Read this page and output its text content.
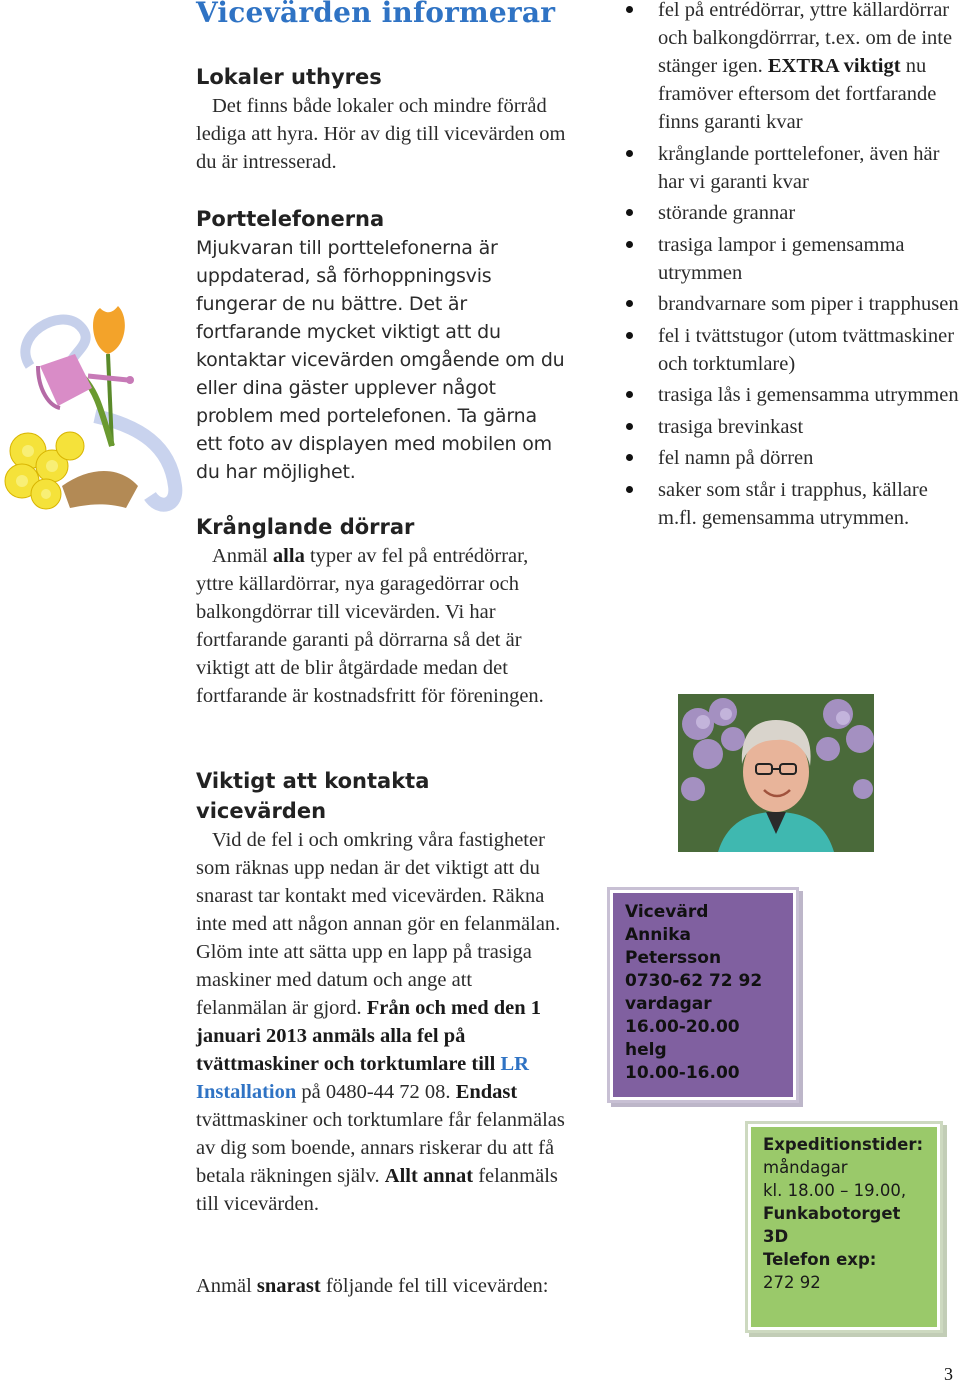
Vicevärden informerar
Lokaler uthyres

Det finns både lokaler och mindre förråd lediga att hyra. Hör av dig till vicevärden om du är intresserad.

Porttelefonerna

Mjukvaran till porttelefonerna är uppdaterad, så förhoppningsvis fungerar de nu bättre. Det är fortfarande mycket viktigt att du kontaktar vicevärden omgående om du eller dina gäster upplever något problem med portelefonen. Ta gärna ett foto av displayen med mobilen om du har möjlighet.

Krånglande dörrar

Anmäl alla typer av fel på entrédörrar, yttre källardörrar, nya garagedörrar och balkongdörrar till vicevärden. Vi har fortfarande garanti på dörrarna så det är viktigt att de blir åtgärdade medan det fortfarande är kostnadsfritt för föreningen.

Viktigt att kontakta vicevärden

Vid de fel i och omkring våra fastigheter som räknas upp nedan är det viktigt att du snarast tar kontakt med vicevärden. Räkna inte med att någon annan gör en felanmälan. Glöm inte att sätta upp en lapp på trasiga maskiner med datum och ange att felanmälan är gjord. Från och med den 1 januari 2013 anmäls alla fel på tvättmaskiner och torktumlare till LR Installation på 0480-44 72 08. Endast tvättmaskiner och torktumlare får felanmälas av dig som boende, annars riskerar du att få betala räkningen själv. Allt annat felanmäls till vicevärden.

Anmäl snarast följande fel till vicevärden:

fel på entrédörrar, yttre källardörrar och balkongdörrrar, t.ex. om de inte stänger igen. EXTRA viktigt nu framöver eftersom det fortfarande finns garanti kvar
krånglande porttelefoner, även här har vi garanti kvar
störande grannar
trasiga lampor i gemensamma utrymmen
brandvarnare som piper i trapphusen
fel i tvättstugor (utom tvättmaskiner och torktumlare)
trasiga lås i gemensamma utrymmen
trasiga brevinkast
fel namn på dörren
saker som står i trapphus, källare m.fl. gemensamma utrymmen.
Vicevärd
Annika
Petersson
0730-62 72 92
vardagar
16.00-20.00
helg
10.00-16.00
Expeditionstider:
måndagar
kl. 18.00 – 19.00,
Funkabotorget
3D
Telefon exp:
272 92
3
